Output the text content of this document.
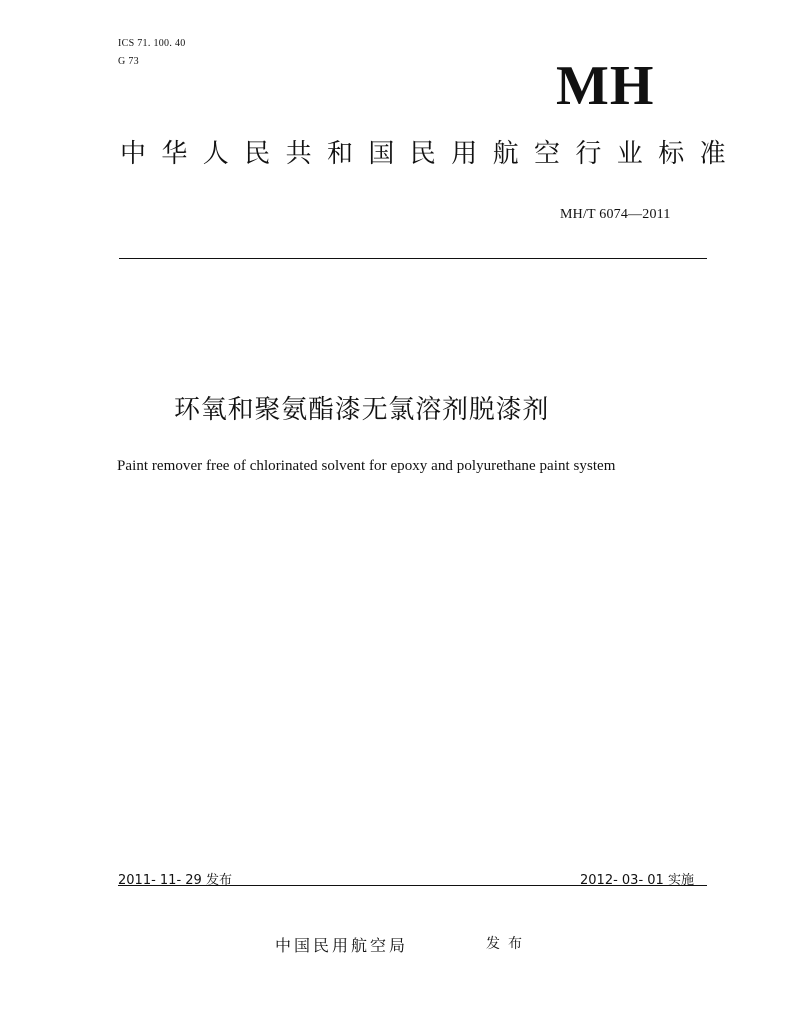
ICS 71. 100. 40
G 73	MH
中华人民共和国民用航空行业标准
MH/T 6074—2011
环氧和聚氨酯漆无氯溶剂脱漆剂
Paint remover free of chlorinated solvent for epoxy and polyurethane paint system
2011- 11- 29 发布	2012- 03- 01 实施
中国民用航空局	发布
